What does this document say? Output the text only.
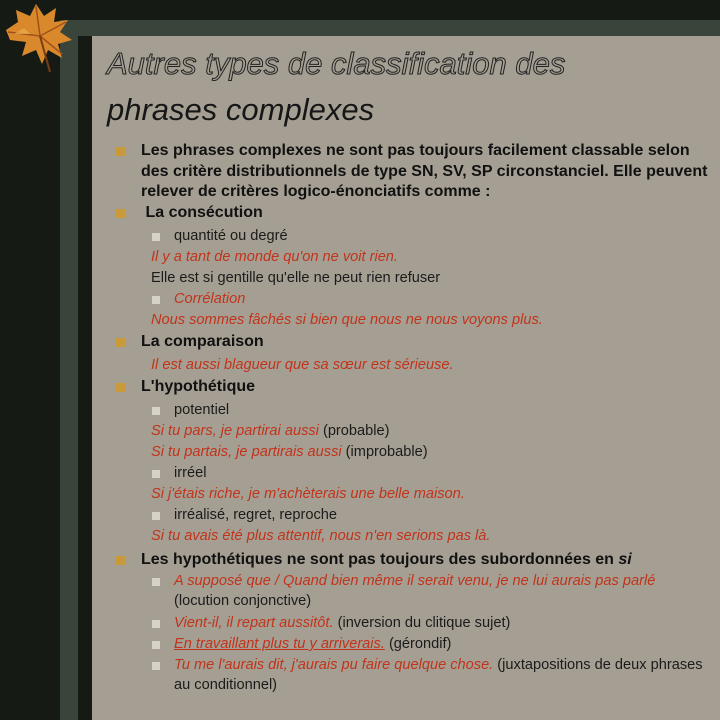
Autres types de classification des
phrases complexes
Les phrases complexes ne sont pas toujours facilement classable selon des critère distributionnels de type SN, SV, SP circonstanciel. Elle peuvent relever de critères logico-énonciatifs comme :
La consécution
quantité ou degré
Il y a tant de monde qu'on ne voit rien.
Elle est si gentille qu'elle ne peut rien refuser
Corrélation
Nous sommes fâchés si bien que nous ne nous voyons plus.
La comparaison
Il est aussi blagueur que sa sœur est sérieuse.
L'hypothétique
potentiel
Si tu pars, je partirai aussi (probable)
Si tu partais, je partirais aussi (improbable)
irréel
Si j'étais riche, je m'achèterais une belle maison.
irréalisé, regret, reproche
Si tu avais été plus attentif, nous n'en serions pas là.
Les hypothétiques ne sont pas toujours des subordonnées en si
A supposé que / Quand bien même il serait venu, je ne lui aurais pas parlé
(locution conjonctive)
Vient-il, il repart aussitôt. (inversion du clitique sujet)
En travaillant plus tu y arriverais. (gérondif)
Tu me l'aurais dit, j'aurais pu faire quelque chose. (juxtapositions de deux phrases au conditionnel)
